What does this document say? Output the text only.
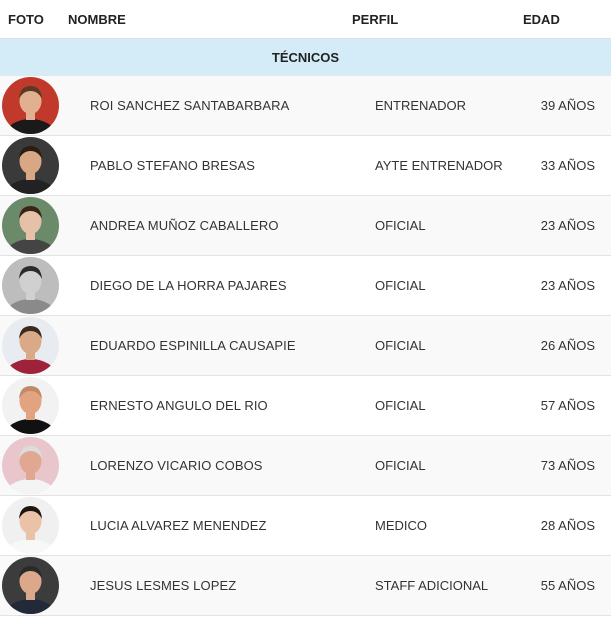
FOTO NOMBRE	PERFIL	EDAD
TÉCNICOS
ROI SANCHEZ SANTABARBARA	ENTRENADOR	39 AÑOS
PABLO STEFANO BRESAS	AYTE ENTRENADOR	33 AÑOS
ANDREA MUÑOZ CABALLERO	OFICIAL	23 AÑOS
DIEGO DE LA HORRA PAJARES	OFICIAL	23 AÑOS
EDUARDO ESPINILLA CAUSAPIE	OFICIAL	26 AÑOS
ERNESTO ANGULO DEL RIO	OFICIAL	57 AÑOS
LORENZO VICARIO COBOS	OFICIAL	73 AÑOS
LUCIA ALVAREZ MENENDEZ	MEDICO	28 AÑOS
JESUS LESMES LOPEZ	STAFF ADICIONAL	55 AÑOS
